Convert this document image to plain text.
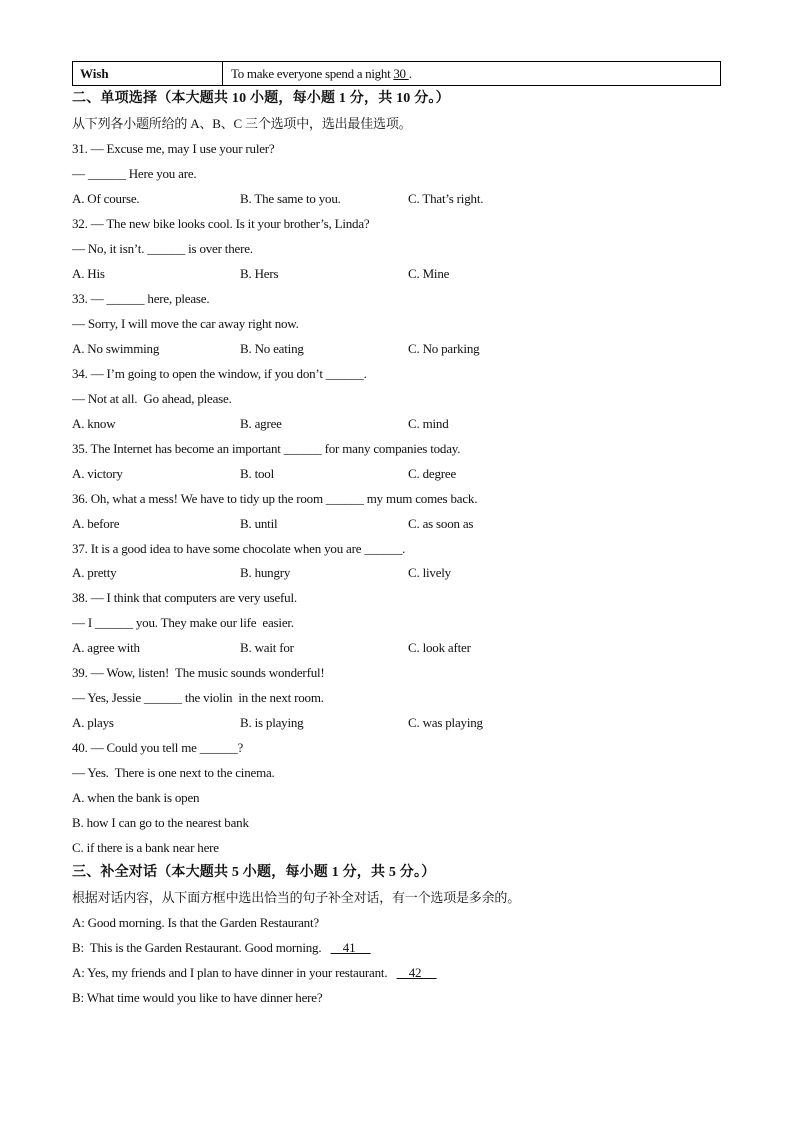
Wish	To make everyone spend a night 30 .
二、单项选择（本大题共 10 小题，每小题 1 分，共 10 分。）
从下列各小题所给的 A、B、C 三个选项中，选出最佳选项。
31. — Excuse me, may I use your ruler?
— ______ Here you are.
A. Of course.	B. The same to you.	C. That’s right.
32. — The new bike looks cool. Is it your brother’s, Linda?
— No, it isn’t. ______ is over there.
A. His	B. Hers	C. Mine
33. — ______ here, please.
— Sorry, I will move the car away right now.
A. No swimming	B. No eating	C. No parking
34. — I’m going to open the window, if you don’t ______.
— Not at all.  Go ahead, please.
A. know	B. agree	C. mind
35. The Internet has become an important ______ for many companies today.
A. victory	B. tool	C. degree
36. Oh, what a mess! We have to tidy up the room ______ my mum comes back.
A. before	B. until	C. as soon as
37. It is a good idea to have some chocolate when you are ______.
A. pretty	B. hungry	C. lively
38. — I think that computers are very useful.
— I ______ you. They make our life  easier.
A. agree with	B. wait for	C. look after
39. — Wow, listen!  The music sounds wonderful!
— Yes, Jessie ______ the violin  in the next room.
A. plays	B. is playing	C. was playing
40. — Could you tell me ______?
— Yes.  There is one next to the cinema.
A. when the bank is open
B. how I can go to the nearest bank
C. if there is a bank near here
三、补全对话（本大题共 5 小题，每小题 1 分，共 5 分。）
根据对话内容，从下面方框中选出恰当的句子补全对话，有一个选项是多余的。
A: Good morning. Is that the Garden Restaurant?
B:  This is the Garden Restaurant. Good morning.       41
A: Yes, my friends and I plan to have dinner in your restaurant.       42
B: What time would you like to have dinner here?
